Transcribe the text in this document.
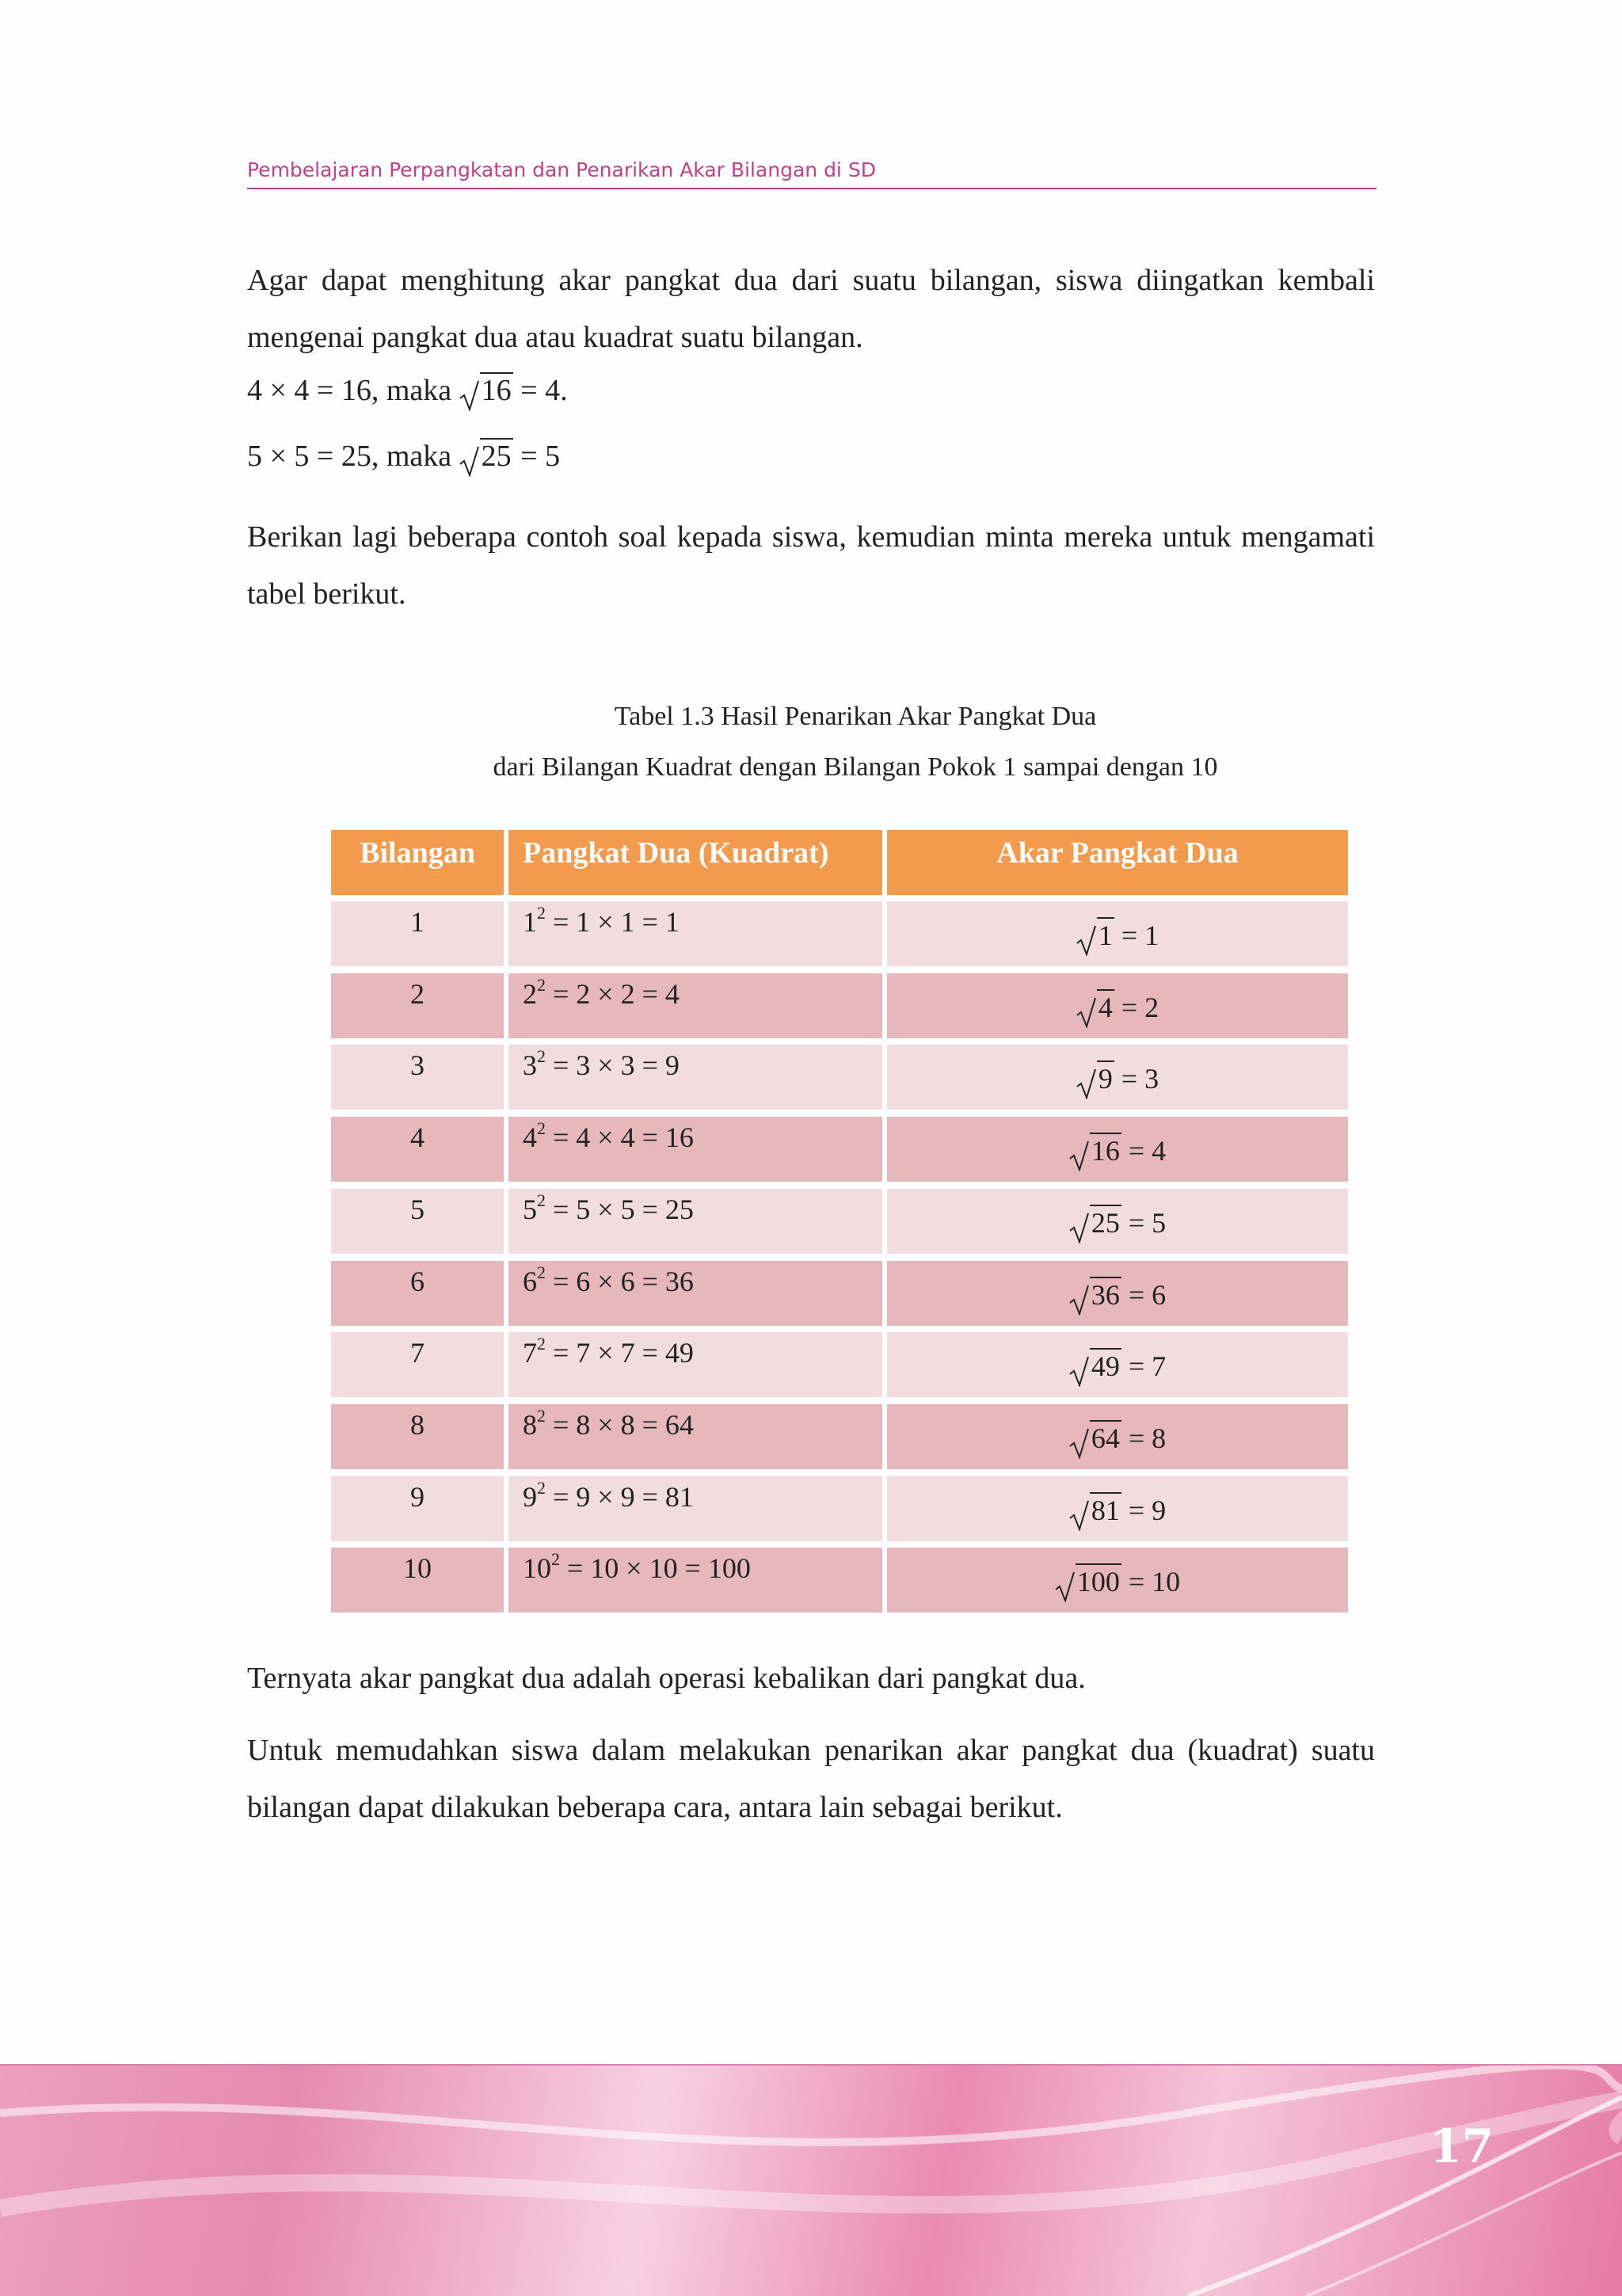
Pembelajaran Perpangkatan dan Penarikan Akar Bilangan di SD

Agar dapat menghitung akar pangkat dua dari suatu bilangan, siswa diingatkan kembali mengenai pangkat dua atau kuadrat suatu bilangan.

4 × 4 = 16, maka 16 = 4.
5 × 5 = 25, maka 25 = 5

Berikan lagi beberapa contoh soal kepada siswa, kemudian minta mereka untuk mengamati tabel berikut.

Tabel 1.3 Hasil Penarikan Akar Pangkat Dua
dari Bilangan Kuadrat dengan Bilangan Pokok 1 sampai dengan 10
Bilangan	Pangkat Dua (Kuadrat)	Akar Pangkat Dua
1	$1^2 = 1 \times 1 = 1$	1 = 1
2	$2^2 = 2 \times 2 = 4$	4 = 2
3	$3^2 = 3 \times 3 = 9$	9 = 3
4	$4^2 = 4 \times 4 = 16$	16 = 4
5	$5^2 = 5 \times 5 = 25$	25 = 5
6	$6^2 = 6 \times 6 = 36$	36 = 6
7	$7^2 = 7 \times 7 = 49$	49 = 7
8	$8^2 = 8 \times 8 = 64$	64 = 8
9	$9^2 = 9 \times 9 = 81$	81 = 9
10	$10^2 = 10 \times 10 = 100$	100 = 10

Ternyata akar pangkat dua adalah operasi kebalikan dari pangkat dua.

Untuk memudahkan siswa dalam melakukan penarikan akar pangkat dua (kuadrat) suatu bilangan dapat dilakukan beberapa cara, antara lain sebagai berikut.

17
